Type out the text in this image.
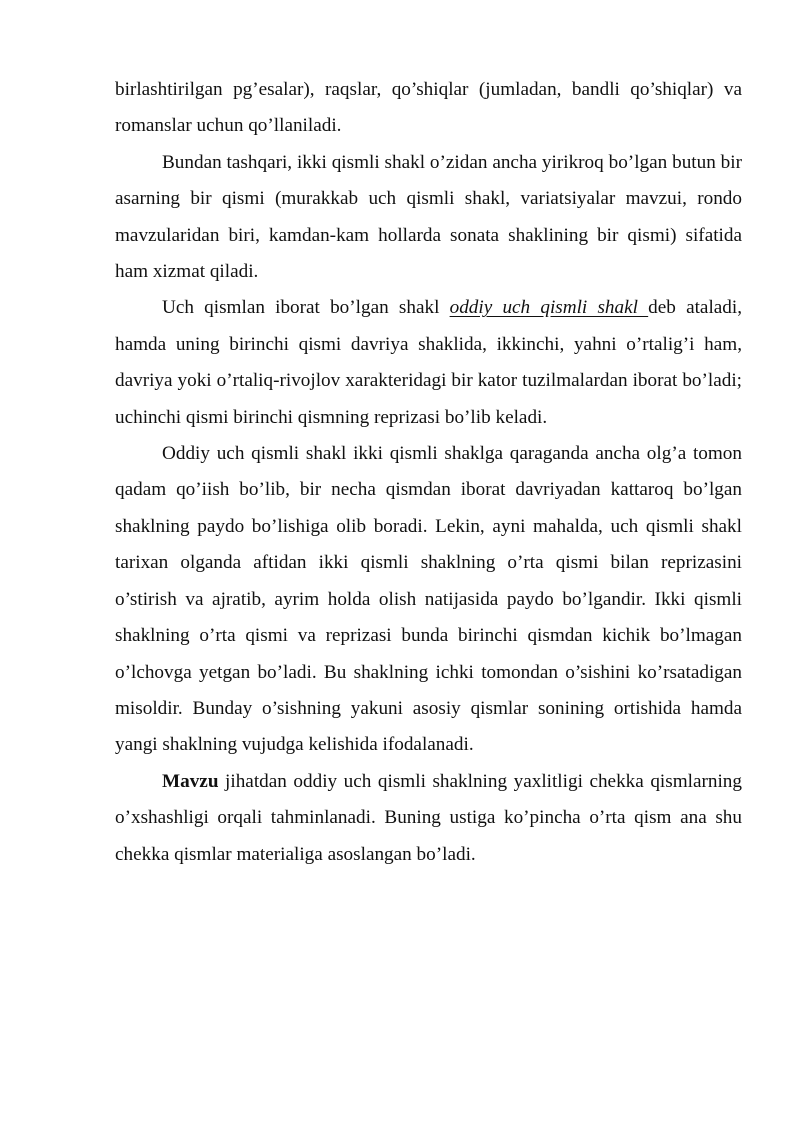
birlashtirilgan pg’esalar), raqslar, qo’shiqlar (jumladan, bandli qo’shiqlar) va romanslar uchun qo’llaniladi.

Bundan tashqari, ikki qismli shakl o’zidan ancha yirikroq bo’lgan butun bir asarning bir qismi (murakkab uch qismli shakl, variatsiyalar mavzui, rondo mavzularidan biri, kamdan-kam hollarda sonata shaklining bir qismi) sifatida ham xizmat qiladi.

Uch qismlan iborat bo’lgan shakl oddiy uch qismli shakl deb ataladi, hamda uning birinchi qismi davriya shaklida, ikkinchi, yahni o’rtalig’i ham, davriya yoki o’rtaliq-rivojlov xarakteridagi bir kator tuzilmalardan iborat bo’ladi; uchinchi qismi birinchi qismning reprizasi bo’lib keladi.

Oddiy uch qismli shakl ikki qismli shaklga qaraganda ancha olg’a tomon qadam qo’iish bo’lib, bir necha qismdan iborat davriyadan kattaroq bo’lgan shaklning paydo bo’lishiga olib boradi. Lekin, ayni mahalda, uch qismli shakl tarixan olganda aftidan ikki qismli shaklning o’rta qismi bilan reprizasini o’stirish va ajratib, ayrim holda olish natijasida paydo bo’lgandir. Ikki qismli shaklning o’rta qismi va reprizasi bunda birinchi qismdan kichik bo’lmagan o’lchovga yetgan bo’ladi. Bu shaklning ichki tomondan o’sishini ko’rsatadigan misoldir. Bunday o’sishning yakuni asosiy qismlar sonining ortishida hamda yangi shaklning vujudga kelishida ifodalanadi.

Mavzu jihatdan oddiy uch qismli shaklning yaxlitligi chekka qismlarning o’xshashligi orqali tahminlanadi. Buning ustiga ko’pincha o’rta qism ana shu chekka qismlar materialiga asoslangan bo’ladi.
